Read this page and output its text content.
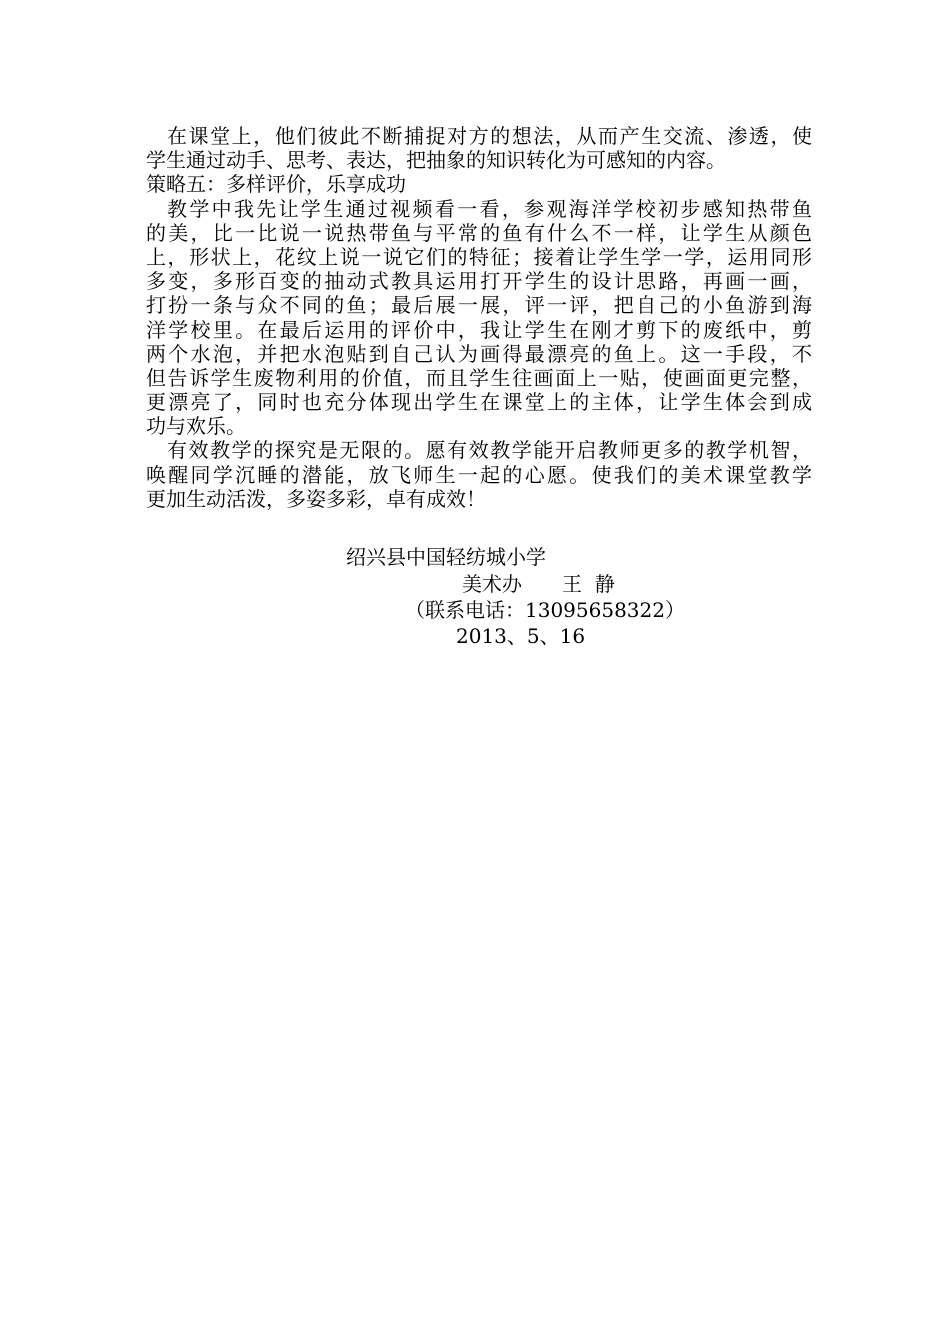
在课堂上，他们彼此不断捕捉对方的想法，从而产生交流、渗透，使
学生通过动手、思考、表达，把抽象的知识转化为可感知的内容。
策略五：多样评价，乐享成功
教学中我先让学生通过视频看一看，参观海洋学校初步感知热带鱼
的美，比一比说一说热带鱼与平常的鱼有什么不一样，让学生从颜色
上，形状上，花纹上说一说它们的特征；接着让学生学一学，运用同形
多变，多形百变的抽动式教具运用打开学生的设计思路，再画一画，
打扮一条与众不同的鱼；最后展一展，评一评，把自己的小鱼游到海
洋学校里。在最后运用的评价中，我让学生在刚才剪下的废纸中，剪
两个水泡，并把水泡贴到自己认为画得最漂亮的鱼上。这一手段，不
但告诉学生废物利用的价值，而且学生往画面上一贴，使画面更完整，
更漂亮了，同时也充分体现出学生在课堂上的主体，让学生体会到成
功与欢乐。
有效教学的探究是无限的。愿有效教学能开启教师更多的教学机智，
唤醒同学沉睡的潜能，放飞师生一起的心愿。使我们的美术课堂教学
更加生动活泼，多姿多彩，卓有成效！
绍兴县中国轻纺城小学
美术办 王  静
（联系电话：13095658322）
2013、5、16
